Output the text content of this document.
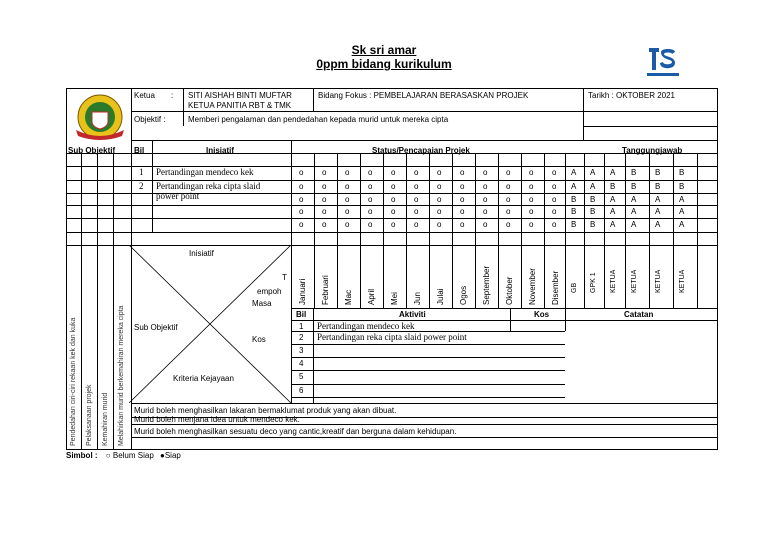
Sk sri amar
0ppm bidang kurikulum
Ketua : SITI AISHAH BINTI MUFTAR
KETUA PANITIA RBT & TMK
Bidang Fokus : PEMBELAJARAN BERASASKAN PROJEK	Tarikh : OKTOBER 2021
Objektif :	Memberi pengalaman dan pendedahan kepada murid untuk mereka cipta
Sub Objektif Bil	Inisiatif	Status/Pencapaian Projek	Tanggungjawab
1 Pertandingan mendeco kek	o o o o o o o o o o o o A A A B B B
2 Pertandingan reka cipta slaid
power point
o o o o o o o o o o o o A A B B B B
o o o o o o o o o o o o B B A A A A
o o o o o o o o o o o o B B A A A A
o o o o o o o o o o o o B B A A A A
Inisiatif
T
empoh
Masa
Sub Objektif
Kos
Kriteria Kejayaan
Bil	Aktiviti	Kos	Catatan
1 Pertandingan mendeco kek
2 Pertandingan reka cipta slaid power point
3
4
5
6
Murid boleh menghasilkan lakaran bermaklumat produk yang akan dibuat.
Murid boleh menjana idea untuk mendeco kek.
Murid boleh menghasilkan sesuatu deco yang cantic,kreatif dan berguna dalam kehidupan.
Januari Februari Mac April Mei Jun Julai Ogos September Oktober November Disember GB GPK 1 KETUA KETUA KETUA KETUA
Pendedahan ciri-ciri rekaan kek dan kuka Pelaksanaan projek Kemahiran murid Melahirkan murid berkemahiran mereka cipta
Simbol : ○ Belum Siap ●Siap
